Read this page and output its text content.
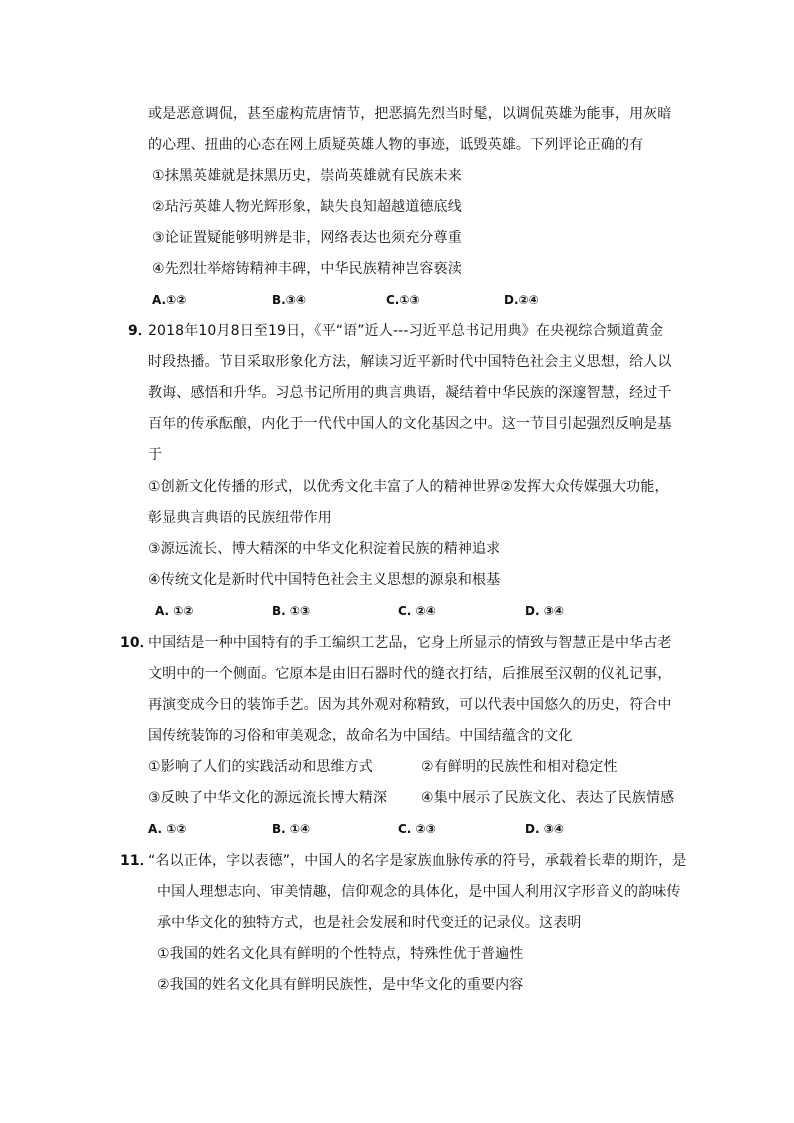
或是恶意调侃，甚至虚构荒唐情节，把恶搞先烈当时髦，以调侃英雄为能事，用灰暗
的心理、扭曲的心态在网上质疑英雄人物的事迹，诋毁英雄。下列评论正确的有
①抹黑英雄就是抹黑历史，崇尚英雄就有民族未来
②玷污英雄人物光辉形象，缺失良知超越道德底线
③论证置疑能够明辨是非，网络表达也须充分尊重
④先烈壮举熔铸精神丰碑，中华民族精神岂容亵渎
A.①②	B.③④	C.①③	D.②④
9．
2018年10月8日至19日，《平“语”近人---习近平总书记用典》在央视综合频道黄金
时段热播。节目采取形象化方法，解读习近平新时代中国特色社会主义思想，给人以
教诲、感悟和升华。习总书记所用的典言典语，凝结着中华民族的深邃智慧，经过千
百年的传承酝酿，内化于一代代中国人的文化基因之中。这一节目引起强烈反响是基
于
①创新文化传播的形式，以优秀文化丰富了人的精神世界②发挥大众传媒强大功能，
彰显典言典语的民族纽带作用
③源远流长、博大精深的中华文化积淀着民族的精神追求
④传统文化是新时代中国特色社会主义思想的源泉和根基
A. ①②	B. ①③	C. ②④	D. ③④
10．
中国结是一种中国特有的手工编织工艺品，它身上所显示的情致与智慧正是中华古老
文明中的一个侧面。它原本是由旧石器时代的缝衣打结，后推展至汉朝的仪礼记事，
再演变成今日的装饰手艺。因为其外观对称精致，可以代表中国悠久的历史，符合中
国传统装饰的习俗和审美观念，故命名为中国结。中国结蕴含的文化
①影响了人们的实践活动和思维方式	②有鲜明的民族性和相对稳定性
③反映了中华文化的源远流长博大精深 ④集中展示了民族文化、表达了民族情感
A. ①②	B. ①④	C. ②③	D. ③④
11．
“名以正体，字以表德”，中国人的名字是家族血脉传承的符号，承载着长辈的期许，是
中国人理想志向、审美情趣，信仰观念的具体化，是中国人利用汉字形音义的韵味传
承中华文化的独特方式，也是社会发展和时代变迁的记录仪。这表明
①我国的姓名文化具有鲜明的个性特点，特殊性优于普遍性
②我国的姓名文化具有鲜明民族性，是中华文化的重要内容
